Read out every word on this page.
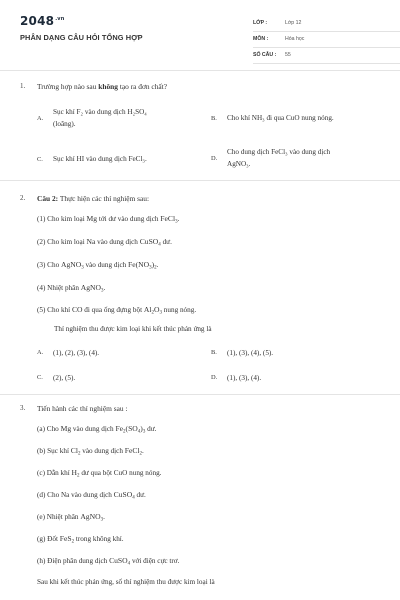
$2048^{.vn}$
PHÂN DẠNG CÂU HỎI TỔNG HỢP
LỚP :	Lớp 12
MÔN :	Hóa học
SỐ CÂU : 55
1. Trường hợp nào sau không tạo ra đơn chất?
A.
Sục khí F₂ vào dung dịch H₂SO₄
(loãng).
B. Cho khí NH₃ đi qua CuO nung nóng.
C. Sục khí HI vào dung dịch FeCl₃.	D.
Cho dung dịch FeCl₃ vào dung dịch
AgNO₃.
2. Câu 2: Thực hiện các thí nghiệm sau:
(1) Cho kim loại Mg tới dư vào dung dịch FeCl$_3$.
(2) Cho kim loại Na vào dung dịch CuSO$_4$ dư.
(3) Cho AgNO$_3$ vào dung dịch $Fe(NO_3)_2$.
(4) Nhiệt phân AgNO$_3$.
(5) Cho khí CO đi qua ống đựng bột $Al_2O_3$ nung nóng.
Thí nghiệm thu được kim loại khi kết thúc phản ứng là
A. (1), (2), (3), (4).	B. (1), (3), (4), (5).
C. (2), (5).	D. (1), (3), (4).
3. Tiến hành các thí nghiệm sau :
(a) Cho Mg vào dung dịch $Fe_2(SO_4)_3$ dư.
(b) Sục khí $Cl_2$ vào dung dịch FeCl$_2$.
(c) Dẫn khí $H_2$ dư qua bột CuO nung nóng.
(d) Cho Na vào dung dịch CuSO$_4$ dư.
(e) Nhiệt phân AgNO$_3$.
(g) Đốt FeS$_2$ trong không khí.
(h) Điện phân dung dịch CuSO$_4$ với điện cực trơ.
Sau khi kết thúc phản ứng, số thí nghiệm thu được kim loại là
